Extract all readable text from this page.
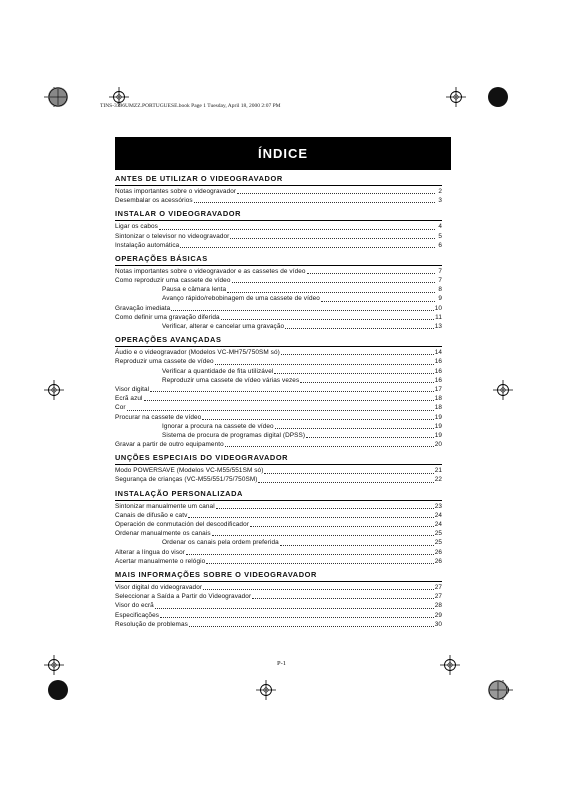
TINS-3796UMZZ.PORTUGUESE.book Page 1 Tuesday, April 18, 2000 2:07 PM
ÍNDICE
ANTES DE UTILIZAR O VIDEOGRAVADOR
Notas importantes sobre o videogravador	2
Desembalar os acessórios	3
INSTALAR O VIDEOGRAVADOR
Ligar os cabos	4
Sintonizar o televisor no videogravador	5
Instalação automática	6
OPERAÇÕES BÁSICAS
Notas importantes sobre o videogravador e as cassetes de vídeo	7
Como reproduzir uma cassete de vídeo	7
Pausa e câmara lenta	8
Avanço rápido/rebobinagem de uma cassete de vídeo	9
Gravação imediata	10
Como definir uma gravação diferida	11
Verificar, alterar e cancelar uma gravação	13
OPERAÇÕES AVANÇADAS
Áudio e o videogravador (Modelos VC-MH75/750SM só)	14
Reproduzir uma cassete de vídeo	16
Verificar a quantidade de fita utilizável	16
Reproduzir uma cassete de vídeo várias vezes	16
Visor digital	17
Ecrã azul	18
Cor	18
Procurar na cassete de vídeo	19
Ignorar a procura na cassete de vídeo	19
Sistema de procura de programas digital (DPSS)	19
Gravar a partir de outro equipamento	20
UNÇÕES ESPECIAIS DO VIDEOGRAVADOR
Modo POWERSAVE (Modelos VC-M55/551SM só)	21
Segurança de crianças (VC-M55/551/75/750SM)	22
INSTALAÇÃO PERSONALIZADA
Sintonizar manualmente um canal	23
Canais de difusão e catv	24
Operación de conmutación del descodificador	24
Ordenar manualmente os canais	25
Ordenar os canais pela ordem preferida	25
Alterar a língua do visor	26
Acertar manualmente o relógio	26
MAIS INFORMAÇÕES SOBRE O VIDEOGRAVADOR
Visor digital do videogravador	27
Seleccionar a Saída a Partir do Videogravador	27
Visor do ecrã	28
Especificações	29
Resolução de problemas	30
P-1
